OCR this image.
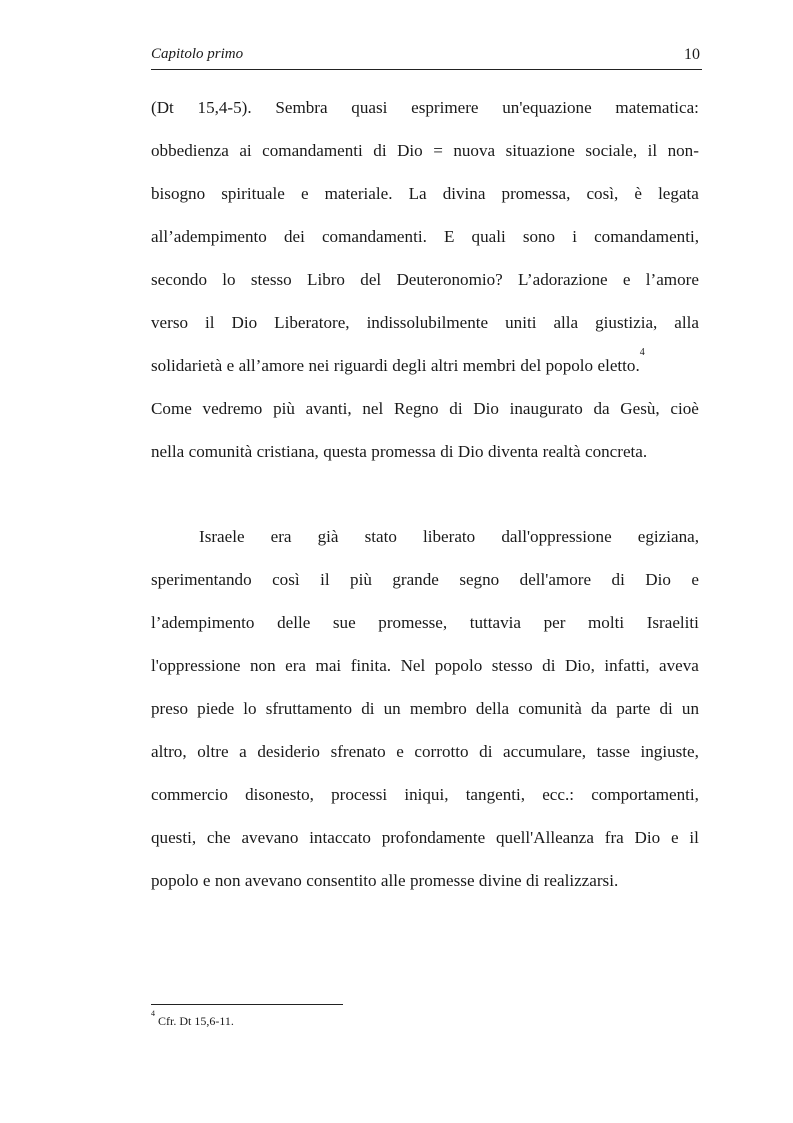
Capitolo primo	10
(Dt 15,4-5). Sembra quasi esprimere un'equazione matematica:
obbedienza ai comandamenti di Dio = nuova situazione sociale, il non-
bisogno spirituale e materiale. La divina promessa, così, è legata
all’adempimento dei comandamenti. E quali sono i comandamenti,
secondo lo stesso Libro del Deuteronomio? L’adorazione e l’amore
verso il Dio Liberatore, indissolubilmente uniti alla giustizia, alla
solidarietà e all’amore nei riguardi degli altri membri del popolo eletto.$^4$
Come vedremo più avanti, nel Regno di Dio inaugurato da Gesù, cioè
nella comunità cristiana, questa promessa di Dio diventa realtà concreta.
Israele era già stato liberato dall'oppressione egiziana,
sperimentando così il più grande segno dell'amore di Dio e
l’adempimento delle sue promesse, tuttavia per molti Israeliti
l'oppressione non era mai finita. Nel popolo stesso di Dio, infatti, aveva
preso piede lo sfruttamento di un membro della comunità da parte di un
altro, oltre a desiderio sfrenato e corrotto di accumulare, tasse ingiuste,
commercio disonesto, processi iniqui, tangenti, ecc.: comportamenti,
questi, che avevano intaccato profondamente quell'Alleanza fra Dio e il
popolo e non avevano consentito alle promesse divine di realizzarsi.
$^4$ Cfr. Dt 15,6-11.
